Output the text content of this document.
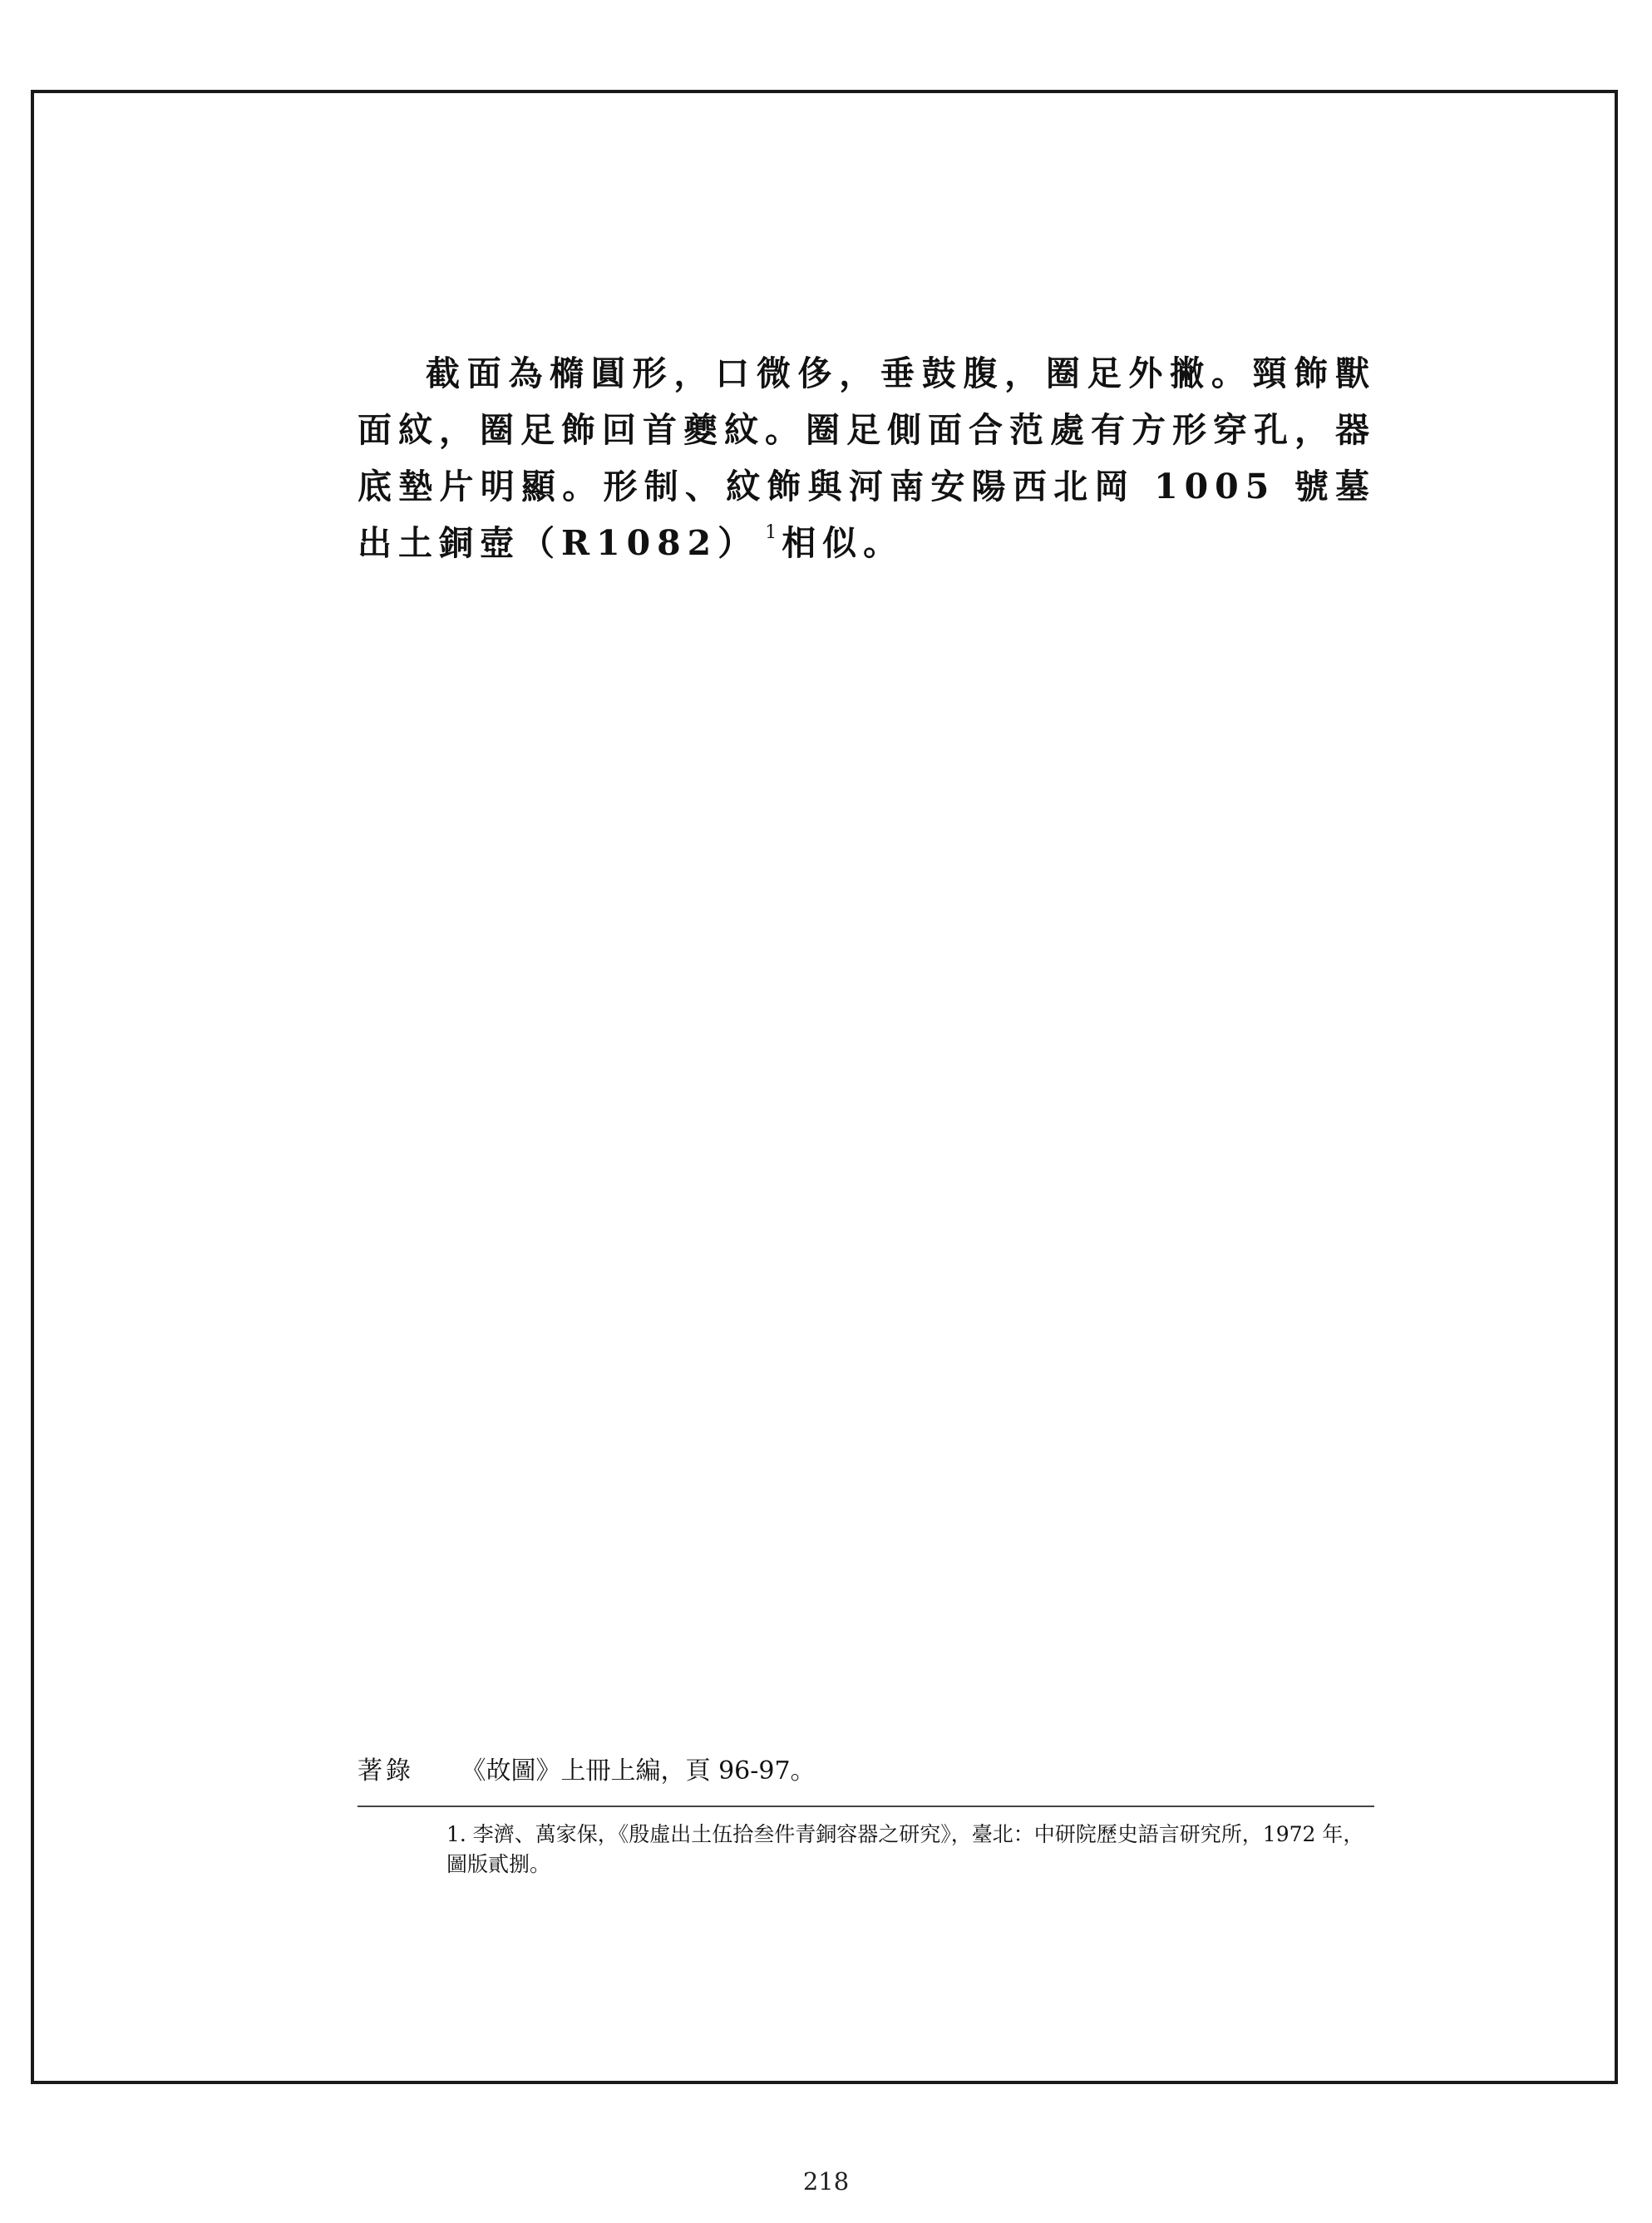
截面為橢圓形，口微侈，垂鼓腹，圈足外撇。頸飾獸面紋，圈足飾回首夔紋。圈足側面合范處有方形穿孔，器底墊片明顯。形制、紋飾與河南安陽西北岡 1005 號墓出土銅壺（R1082） $^1$ 相似。

著錄 《故圖》上冊上編，頁 96-97。

1. 李濟、萬家保，《殷虛出土伍拾叁件青銅容器之研究》，臺北：中研院歷史語言研究所，1972 年，圖版貳捌。

218
